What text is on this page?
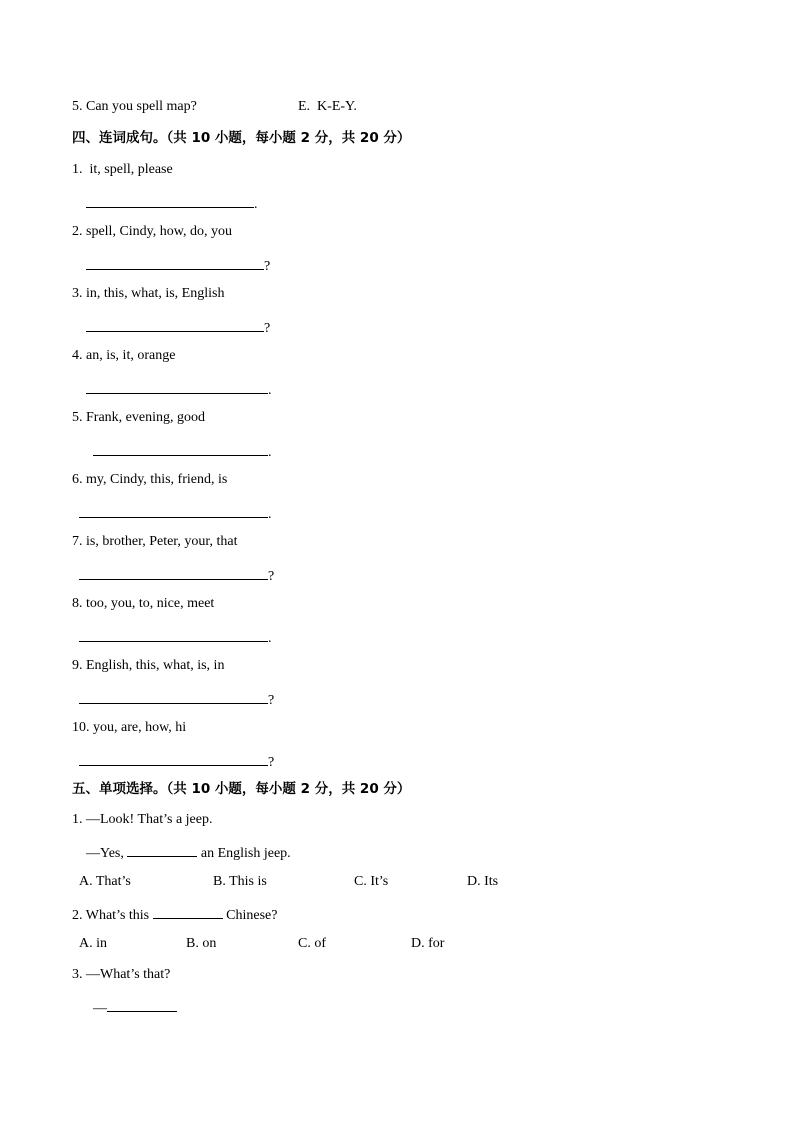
5. Can you spell map?	E.  K-E-Y.
四、连词成句。（共 10 小题，每小题 2 分，共 20 分）
1.  it, spell, please
.
2. spell, Cindy, how, do, you
?
3. in, this, what, is, English
?
4. an, is, it, orange
.
5. Frank, evening, good
.
6. my, Cindy, this, friend, is
.
7. is, brother, Peter, your, that
?
8. too, you, to, nice, meet
.
9. English, this, what, is, in
?
10. you, are, how, hi
?
五、单项选择。（共 10 小题，每小题 2 分，共 20 分）
1. —Look! That’s a jeep.
—Yes,	an English jeep.
A. That’s	B. This is	C. It’s	D. Its
2. What’s this	Chinese?
A. in	B. on	C. of	D. for
3. —What’s that?
—
